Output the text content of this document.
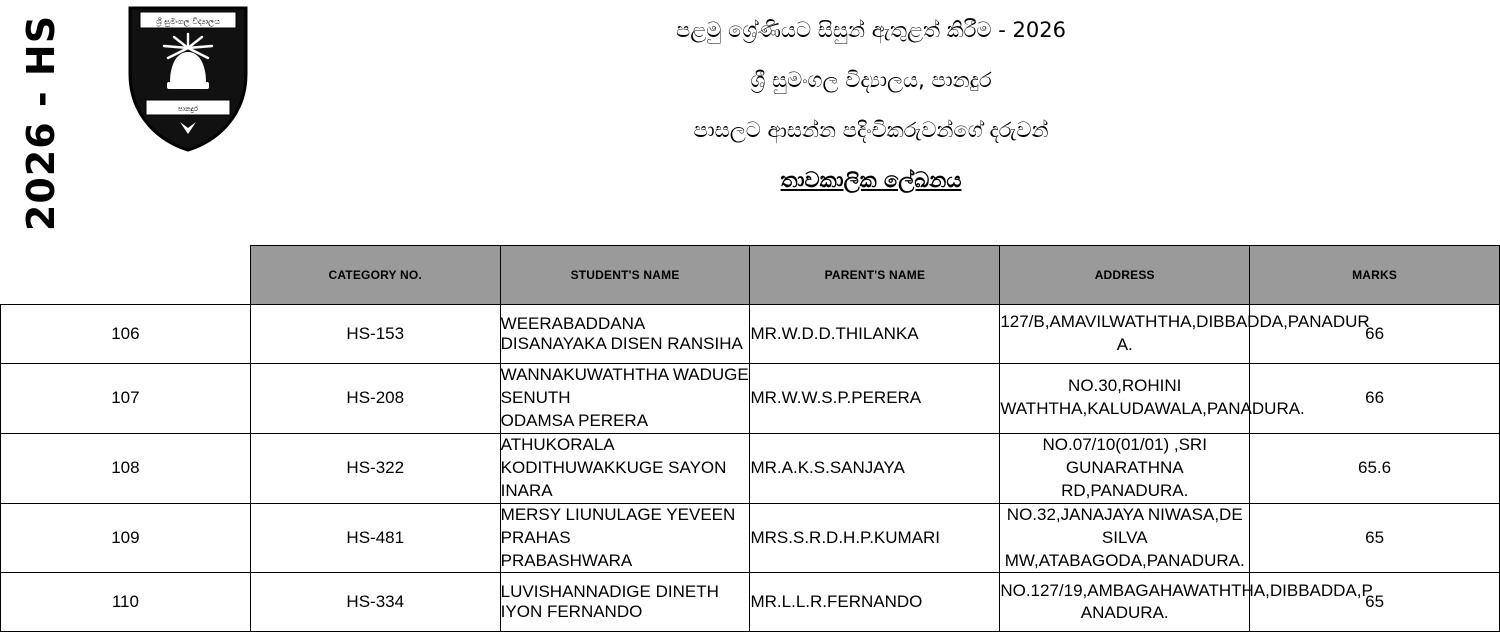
2026 - HS	ශ්‍රී සුමංගල විද්‍යාලය
පානදුර
පළමු ශ්‍රේණියට සිසුන් ඇතුළත් කිරීම - 2026
ශ්‍රී සුමංගල විද්‍යාලය, පානදුර
පාසලට ආසන්න පදිංචිකරුවන්ගේ දරුවන්
තාවකාලික ලේඛනය
	CATEGORY NO.	STUDENT'S NAME	PARENT'S NAME	ADDRESS	MARKS
106	HS-153	WEERABADDANA DISANAYAKA DISEN RANSIHA	MR.W.D.D.THILANKA	127/B,AMAVILWATHTHA,DIBBADDA,PANADUR
A.	66
107	HS-208	WANNAKUWATHTHA WADUGE SENUTH
ODAMSA PERERA	MR.W.W.S.P.PERERA	NO.30,ROHINI
WATHTHA,KALUDAWALA,PANADURA.	66
108	HS-322	ATHUKORALA KODITHUWAKKUGE SAYON
INARA	MR.A.K.S.SANJAYA	NO.07/10(01/01) ,SRI GUNARATHNA
RD,PANADURA.	65.6
109	HS-481	MERSY LIUNULAGE YEVEEN PRAHAS
PRABASHWARA	MRS.S.R.D.H.P.KUMARI	NO.32,JANAJAYA NIWASA,DE SILVA
MW,ATABAGODA,PANADURA.	65
110	HS-334	LUVISHANNADIGE DINETH IYON FERNANDO	MR.L.L.R.FERNANDO	NO.127/19,AMBAGAHAWATHTHA,DIBBADDA,P
ANADURA.	65
